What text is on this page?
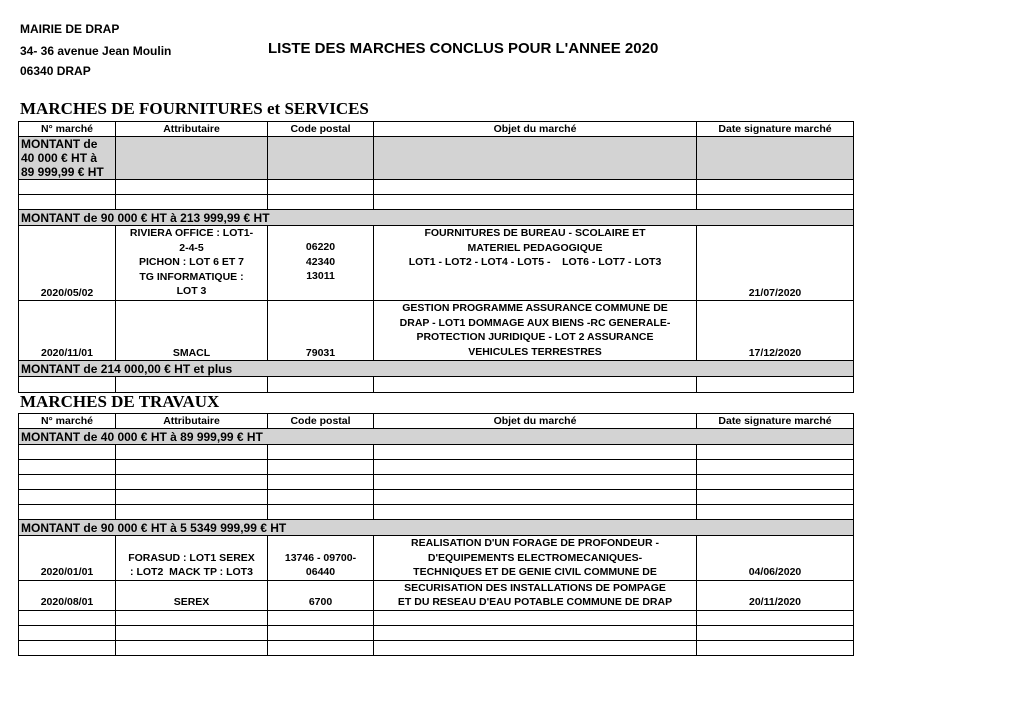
MAIRIE DE DRAP
34- 36 avenue Jean Moulin
06340 DRAP
LISTE DES MARCHES CONCLUS POUR L'ANNEE 2020
MARCHES DE FOURNITURES et SERVICES
N° marché	Attributaire	Code postal	Objet du marché	Date signature marché
MONTANT de 40 000 € HT à 89 999,99 € HT				

MONTANT de 90 000 € HT à 213 999,99 € HT				
2020/05/02	RIVIERA OFFICE : LOT1-
2-4-5
PICHON : LOT 6 ET 7
TG INFORMATIQUE :
LOT 3	06220
42340
13011	FOURNITURES DE BUREAU - SCOLAIRE ET
MATERIEL PEDAGOGIQUE
LOT1 - LOT2 - LOT4 - LOT5 -    LOT6 - LOT7 - LOT3	21/07/2020
2020/11/01	SMACL	79031	GESTION PROGRAMME ASSURANCE COMMUNE DE
DRAP - LOT1 DOMMAGE AUX BIENS -RC GENERALE-
PROTECTION JURIDIQUE - LOT 2 ASSURANCE
VEHICULES TERRESTRES	17/12/2020
MONTANT de 214 000,00 € HT et plus				

MARCHES DE TRAVAUX
N° marché	Attributaire	Code postal	Objet du marché	Date signature marché
MONTANT de 40 000 € HT à 89 999,99 € HT				

MONTANT de 90 000 € HT à 5 5349 999,99 € HT				
2020/01/01	FORASUD : LOT1 SEREX
: LOT2  MACK TP : LOT3	13746 - 09700-
06440	REALISATION D'UN FORAGE DE PROFONDEUR -
D'EQUIPEMENTS ELECTROMECANIQUES-
TECHNIQUES ET DE GENIE CIVIL COMMUNE DE	04/06/2020
2020/08/01	SEREX	6700	SECURISATION DES INSTALLATIONS DE POMPAGE
ET DU RESEAU D'EAU POTABLE COMMUNE DE DRAP	20/11/2020
